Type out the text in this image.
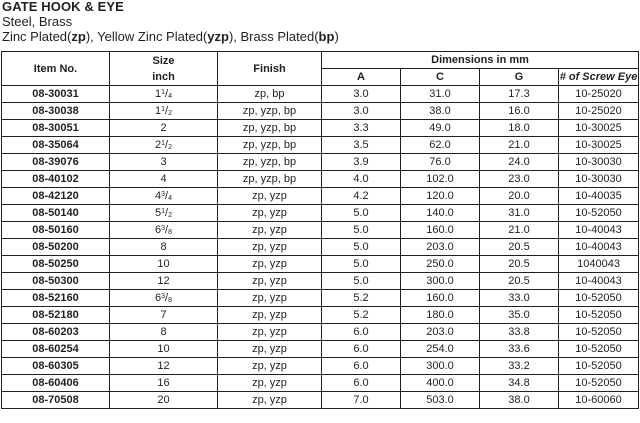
GATE HOOK & EYE
Steel, Brass
Zinc Plated(zp), Yellow Zinc Plated(yzp), Brass Plated(bp)
Item No.	Size inch	Finish	Dimensions in mm			
			A	C	G	# of Screw Eye
08-30031	$1^1/_4$	zp, bp	3.0	31.0	17.3	10-25020
08-30038	$1^1/_2$	zp, yzp, bp	3.0	38.0	16.0	10-25020
08-30051	2	zp, yzp, bp	3.3	49.0	18.0	10-30025
08-35064	$2^1/_2$	zp, yzp, bp	3.5	62.0	21.0	10-30025
08-39076	3	zp, yzp, bp	3.9	76.0	24.0	10-30030
08-40102	4	zp, yzp, bp	4.0	102.0	23.0	10-30030
08-42120	$4^3/_4$	zp, yzp	4.2	120.0	20.0	10-40035
08-50140	$5^1/_2$	zp, yzp	5.0	140.0	31.0	10-52050
08-50160	$6^3/_8$	zp, yzp	5.0	160.0	21.0	10-40043
08-50200	8	zp, yzp	5.0	203.0	20.5	10-40043
08-50250	10	zp, yzp	5.0	250.0	20.5	1040043
08-50300	12	zp, yzp	5.0	300.0	20.5	10-40043
08-52160	$6^3/_8$	zp, yzp	5.2	160.0	33.0	10-52050
08-52180	7	zp, yzp	5.2	180.0	35.0	10-52050
08-60203	8	zp, yzp	6.0	203.0	33.8	10-52050
08-60254	10	zp, yzp	6.0	254.0	33.6	10-52050
08-60305	12	zp, yzp	6.0	300.0	33.2	10-52050
08-60406	16	zp, yzp	6.0	400.0	34.8	10-52050
08-70508	20	zp, yzp	7.0	503.0	38.0	10-60060
